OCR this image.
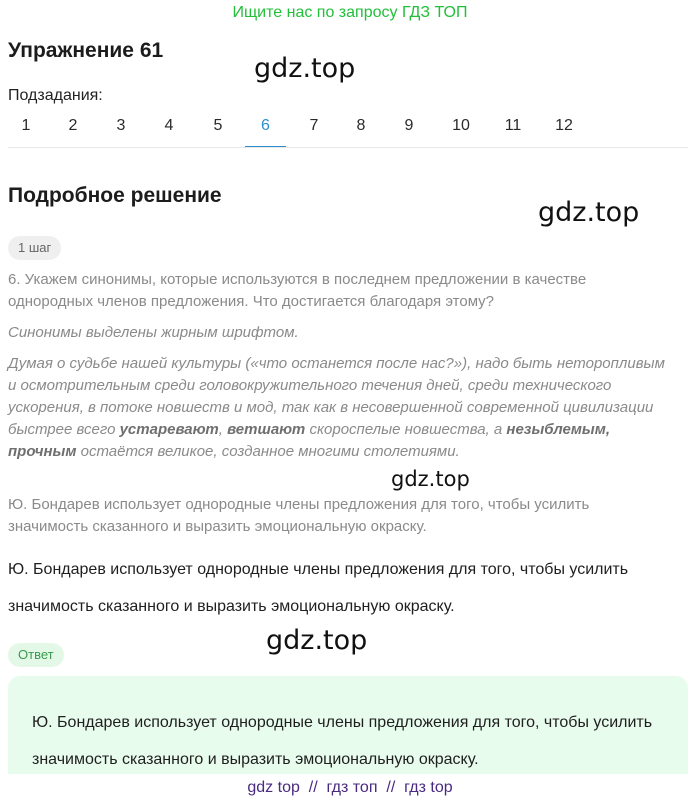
Ищите нас по запросу ГДЗ ТОП
Упражнение 61
gdz.top
Подзадания:
1	2	3	4	5	6	7	8	9	10	11	12
Подробное решение
gdz.top
1 шаг
6. Укажем синонимы, которые используются в последнем предложении в качестве однородных членов предложения. Что достигается благодаря этому?
Синонимы выделены жирным шрифтом.
Думая о судьбе нашей культуры («что останется после нас?»), надо быть неторопливым и осмотрительным среди головокружительного течения дней, среди технического ускорения, в потоке новшеств и мод, так как в несовершенной современной цивилизации быстрее всего устаревают, ветшают скороспелые новшества, а незыблемым, прочным остаётся великое, созданное многими столетиями.
gdz.top
Ю. Бондарев использует однородные члены предложения для того, чтобы усилить значимость сказанного и выразить эмоциональную окраску.
Ю. Бондарев использует однородные члены предложения для того, чтобы усилить значимость сказанного и выразить эмоциональную окраску.
Ответ	gdz.top
Ю. Бондарев использует однородные члены предложения для того, чтобы усилить значимость сказанного и выразить эмоциональную окраску.
gdz top  //  гдз топ  //  гдз top
